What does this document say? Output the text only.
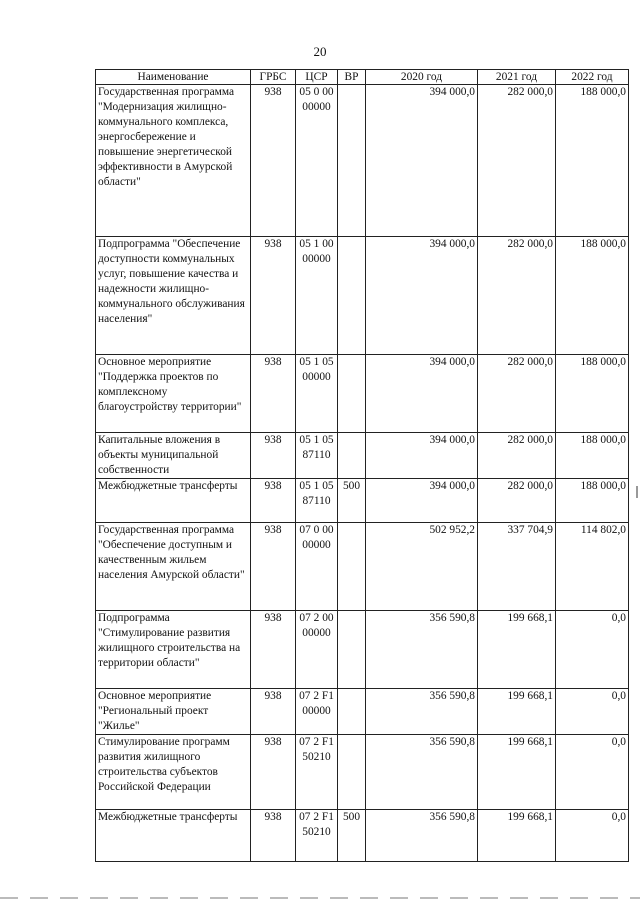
20
Наименование	ГРБС	ЦСР	ВР	2020 год	2021 год	2022 год
Государственная программа "Модернизация жилищно-коммунального комплекса, энергосбережение и повышение энергетической эффективности в Амурской области"	938	05 0 00 00000		394 000,0	282 000,0	188 000,0
Подпрограмма "Обеспечение доступности коммунальных услуг, повышение качества и надежности жилищно-коммунального обслуживания населения"	938	05 1 00 00000		394 000,0	282 000,0	188 000,0
Основное мероприятие "Поддержка проектов по комплексному благоустройству территории"	938	05 1 05 00000		394 000,0	282 000,0	188 000,0
Капитальные вложения в объекты муниципальной собственности	938	05 1 05 87110		394 000,0	282 000,0	188 000,0
Межбюджетные трансферты	938	05 1 05 87110	500	394 000,0	282 000,0	188 000,0
Государственная программа "Обеспечение доступным и качественным жильем населения Амурской области"	938	07 0 00 00000		502 952,2	337 704,9	114 802,0
Подпрограмма "Стимулирование развития жилищного строительства на территории области"	938	07 2 00 00000		356 590,8	199 668,1	0,0
Основное мероприятие "Региональный проект "Жилье"	938	07 2 F1 00000		356 590,8	199 668,1	0,0
Стимулирование программ развития жилищного строительства субъектов Российской Федерации	938	07 2 F1 50210		356 590,8	199 668,1	0,0
Межбюджетные трансферты	938	07 2 F1 50210	500	356 590,8	199 668,1	0,0
